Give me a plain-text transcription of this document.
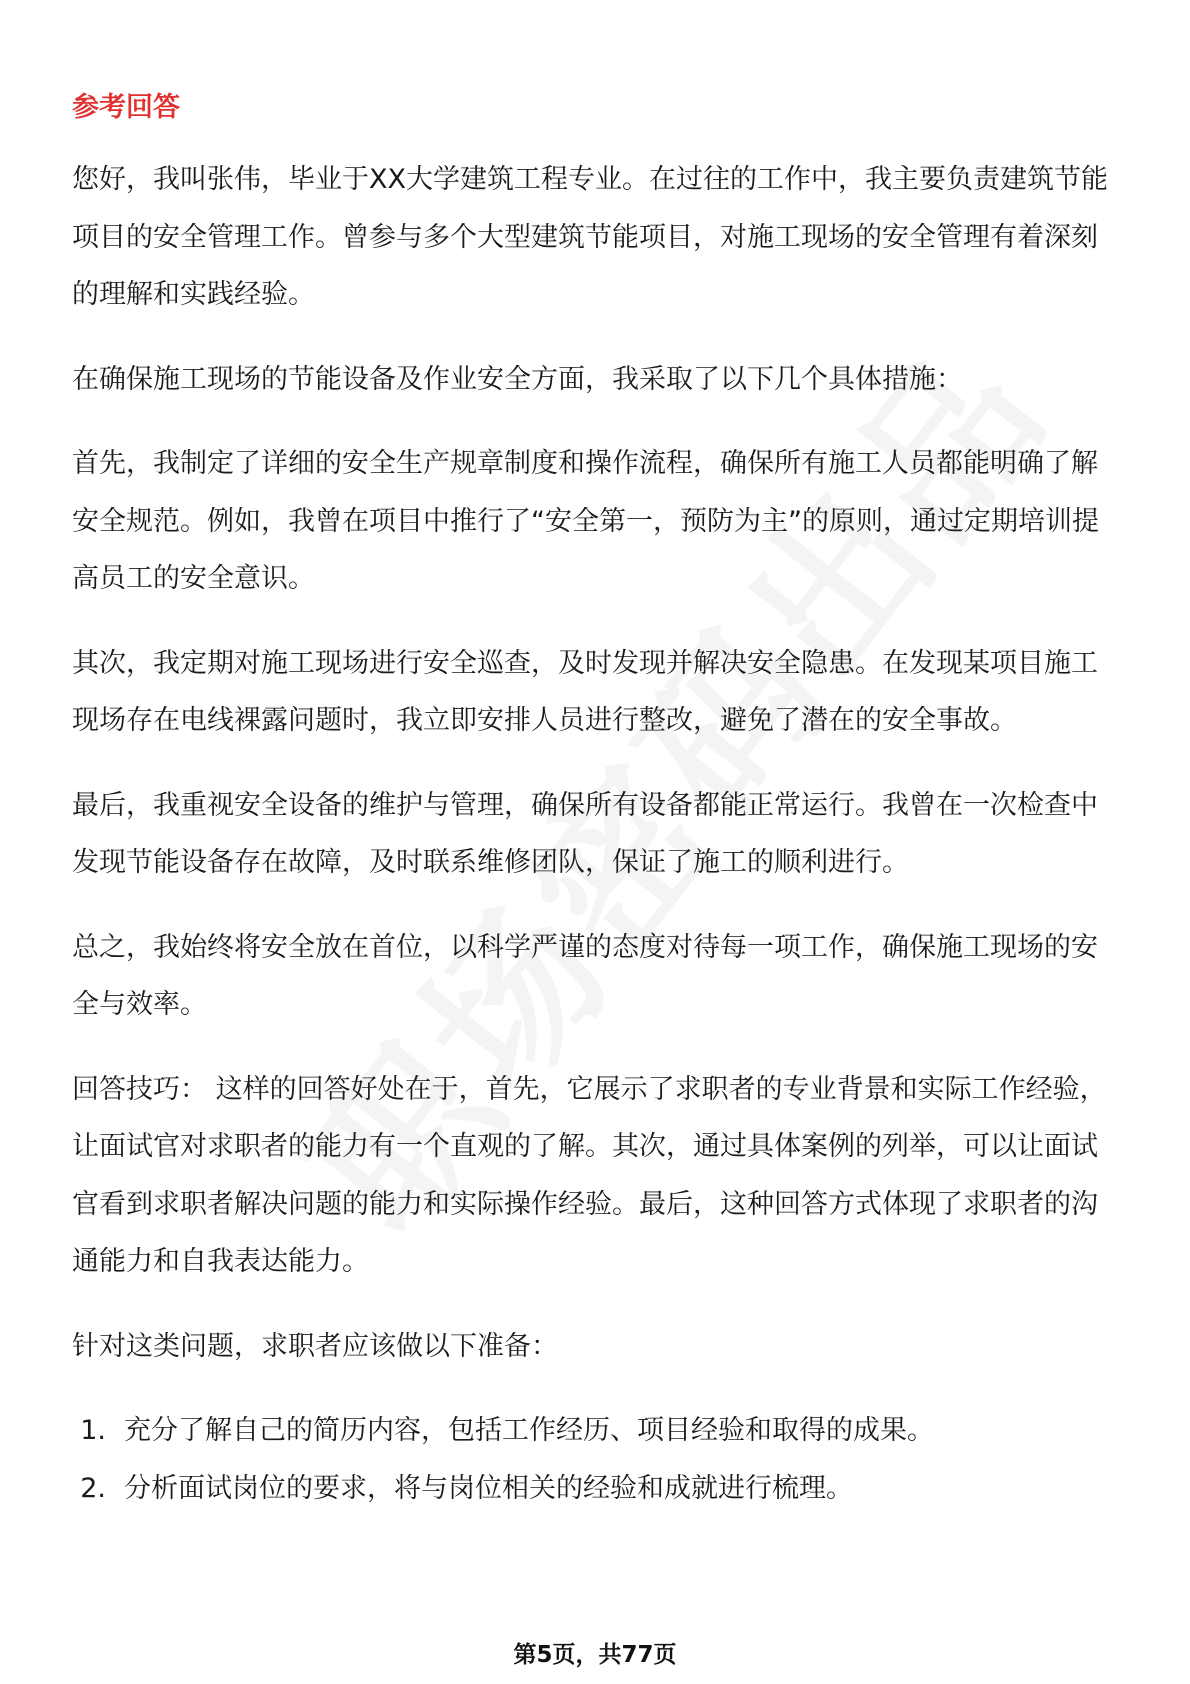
参考回答

您好，我叫张伟，毕业于XX大学建筑工程专业。在过往的工作中，我主要负责建筑节能项目的安全管理工作。曾参与多个大型建筑节能项目，对施工现场的安全管理有着深刻的理解和实践经验。

在确保施工现场的节能设备及作业安全方面，我采取了以下几个具体措施：

首先，我制定了详细的安全生产规章制度和操作流程，确保所有施工人员都能明确了解安全规范。例如，我曾在项目中推行了“安全第一，预防为主”的原则，通过定期培训提高员工的安全意识。

其次，我定期对施工现场进行安全巡查，及时发现并解决安全隐患。在发现某项目施工现场存在电线裸露问题时，我立即安排人员进行整改，避免了潜在的安全事故。

最后，我重视安全设备的维护与管理，确保所有设备都能正常运行。我曾在一次检查中发现节能设备存在故障，及时联系维修团队，保证了施工的顺利进行。

总之，我始终将安全放在首位，以科学严谨的态度对待每一项工作，确保施工现场的安全与效率。

回答技巧： 这样的回答好处在于，首先，它展示了求职者的专业背景和实际工作经验，让面试官对求职者的能力有一个直观的了解。其次，通过具体案例的列举，可以让面试官看到求职者解决问题的能力和实际操作经验。最后，这种回答方式体现了求职者的沟通能力和自我表达能力。

针对这类问题，求职者应该做以下准备：

1. 充分了解自己的简历内容，包括工作经历、项目经验和取得的成果。
2. 分析面试岗位的要求，将与岗位相关的经验和成就进行梳理。
第5页，共77页
